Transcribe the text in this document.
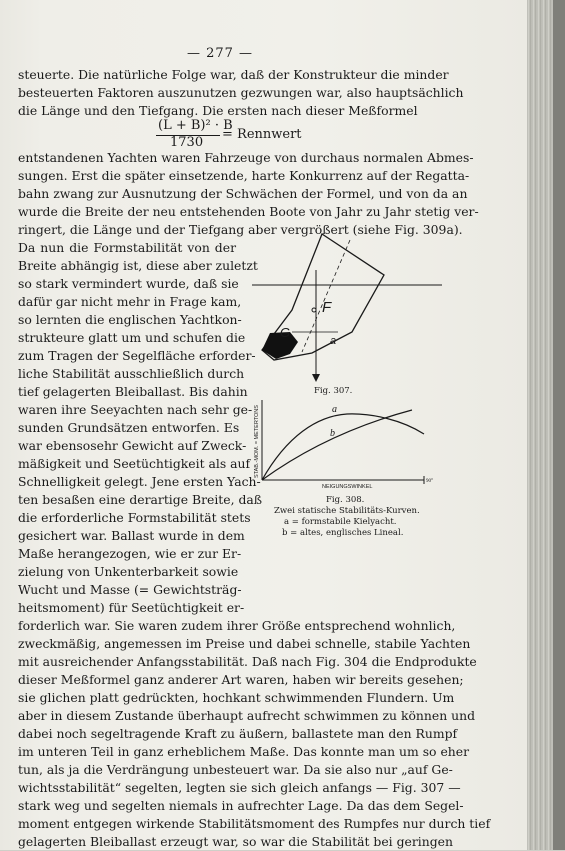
— 277 —
steuerte. Die natürliche Folge war, daß der Konstrukteur die minder
besteuerten Faktoren auszunutzen gezwungen war, also hauptsächlich
die Länge und den Tiefgang. Die ersten nach dieser Meßformel
(L + B)² · B
1730
= Rennwert
entstandenen Yachten waren Fahrzeuge von durchaus normalen Abmes-
sungen. Erst die später einsetzende, harte Konkurrenz auf der Regatta-
bahn zwang zur Ausnutzung der Schwächen der Formel, und von da an
wurde die Breite der neu entstehenden Boote von Jahr zu Jahr stetig ver-
ringert, die Länge und der Tiefgang aber vergrößert (siehe Fig. 309a).
Da nun die Formstabilität von der
Breite abhängig ist, diese aber zuletzt
so stark vermindert wurde, daß sie
dafür gar nicht mehr in Frage kam,
so lernten die englischen Yachtkon-
strukteure glatt um und schufen die
zum Tragen der Segelfläche erforder-
liche Stabilität ausschließlich durch
tief gelagerten Bleiballast. Bis dahin
waren ihre Seeyachten nach sehr ge-
sunden Grundsätzen entworfen. Es
war ebensosehr Gewicht auf Zweck-
mäßigkeit und Seetüchtigkeit als auf
Schnelligkeit gelegt. Jene ersten Yach-
ten besaßen eine derartige Breite, daß
die erforderliche Formstabilität stets
gesichert war. Ballast wurde in dem
Maße herangezogen, wie er zur Er-
zielung von Unkenterbarkeit sowie
Wucht und Masse (= Gewichtsträg-
heitsmoment) für Seetüchtigkeit er-
forderlich war. Sie waren zudem ihrer Größe entsprechend wohnlich,
zweckmäßig, angemessen im Preise und dabei schnelle, stabile Yachten
mit ausreichender Anfangsstabilität. Daß nach Fig. 304 die Endprodukte
dieser Meßformel ganz anderer Art waren, haben wir bereits gesehen;
sie glichen platt gedrückten, hochkant schwimmenden Flundern. Um
aber in diesem Zustande überhaupt aufrecht schwimmen zu können und
dabei noch segeltragende Kraft zu äußern, ballastete man den Rumpf
im unteren Teil in ganz erheblichem Maße. Das konnte man um so eher
tun, als ja die Verdrängung unbesteuert war. Da sie also nur „auf Ge-
wichtsstabilität“ segelten, legten sie sich gleich anfangs — Fig. 307 —
stark weg und segelten niemals in aufrechter Lage. Da das dem Segel-
moment entgegen wirkende Stabilitätsmoment des Rumpfes nur durch tief
gelagerten Bleiballast erzeugt war, so war die Stabilität bei geringen
F
G
a
Fig. 307.
a
b
90°
NEIGUNGSWINKEL
STAB.-MOM. = METERTONS
Fig. 308.
Zwei statische Stabilitäts-Kurven.
a = formstabile Kielyacht.
b = altes, englisches Lineal.
